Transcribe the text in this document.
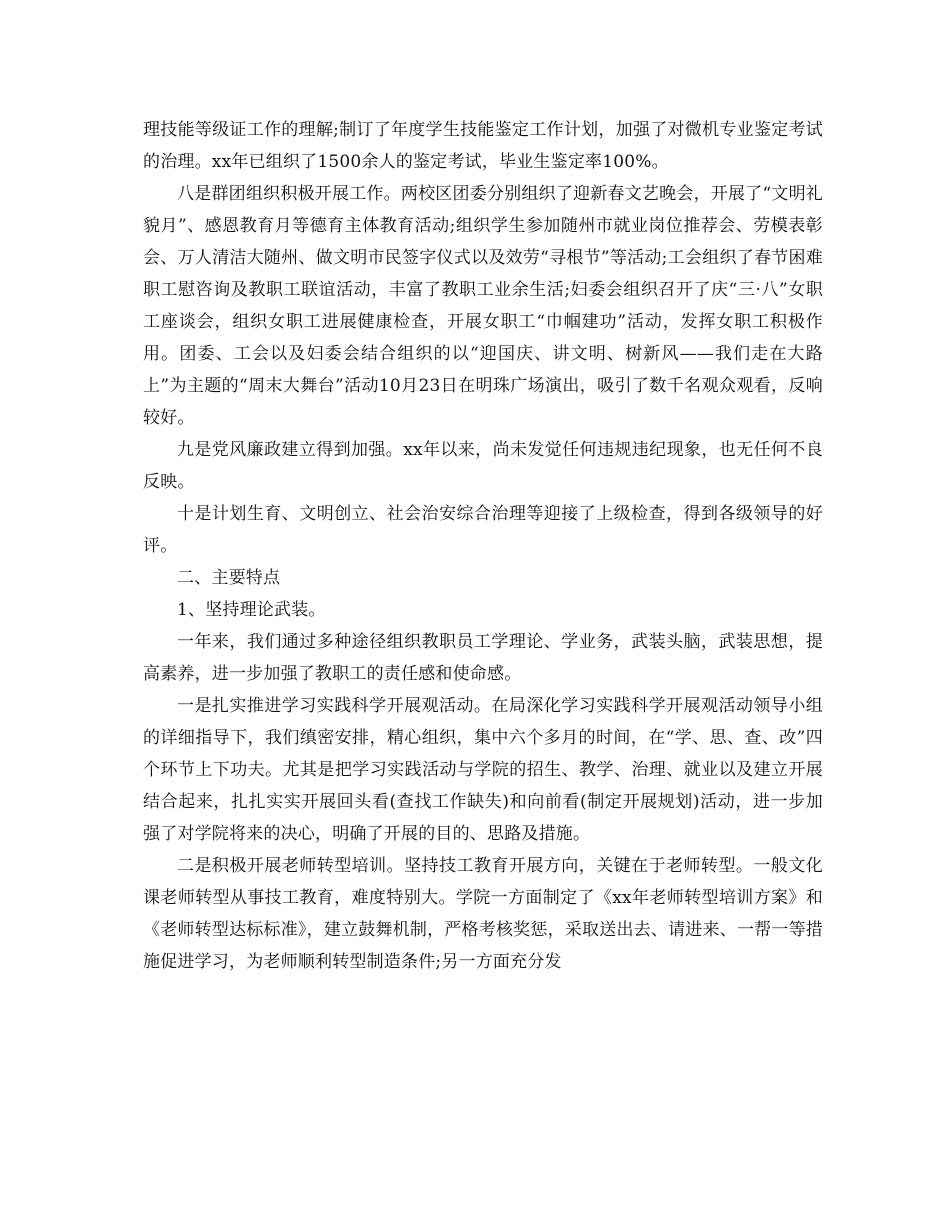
理技能等级证工作的理解;制订了年度学生技能鉴定工作计划，加强了对微机专业鉴定考试的治理。xx年已组织了1500余人的鉴定考试，毕业生鉴定率100%。

八是群团组织积极开展工作。两校区团委分别组织了迎新春文艺晚会，开展了“文明礼貌月”、感恩教育月等德育主体教育活动;组织学生参加随州市就业岗位推荐会、劳模表彰会、万人清洁大随州、做文明市民签字仪式以及效劳“寻根节”等活动;工会组织了春节困难职工慰咨询及教职工联谊活动，丰富了教职工业余生活;妇委会组织召开了庆“三·八”女职工座谈会，组织女职工进展健康检查，开展女职工“巾帼建功”活动，发挥女职工积极作用。团委、工会以及妇委会结合组织的以“迎国庆、讲文明、树新风——我们走在大路上”为主题的“周末大舞台”活动10月23日在明珠广场演出，吸引了数千名观众观看，反响较好。

九是党风廉政建立得到加强。xx年以来，尚未发觉任何违规违纪现象，也无任何不良反映。

十是计划生育、文明创立、社会治安综合治理等迎接了上级检查，得到各级领导的好评。

二、主要特点

1、坚持理论武装。

一年来，我们通过多种途径组织教职员工学理论、学业务，武装头脑，武装思想，提高素养，进一步加强了教职工的责任感和使命感。

一是扎实推进学习实践科学开展观活动。在局深化学习实践科学开展观活动领导小组的详细指导下，我们缜密安排，精心组织，集中六个多月的时间，在“学、思、查、改”四个环节上下功夫。尤其是把学习实践活动与学院的招生、教学、治理、就业以及建立开展结合起来，扎扎实实开展回头看(查找工作缺失)和向前看(制定开展规划)活动，进一步加强了对学院将来的决心，明确了开展的目的、思路及措施。

二是积极开展老师转型培训。坚持技工教育开展方向，关键在于老师转型。一般文化课老师转型从事技工教育，难度特别大。学院一方面制定了《xx年老师转型培训方案》和《老师转型达标标准》，建立鼓舞机制，严格考核奖惩，采取送出去、请进来、一帮一等措施促进学习，为老师顺利转型制造条件;另一方面充分发
